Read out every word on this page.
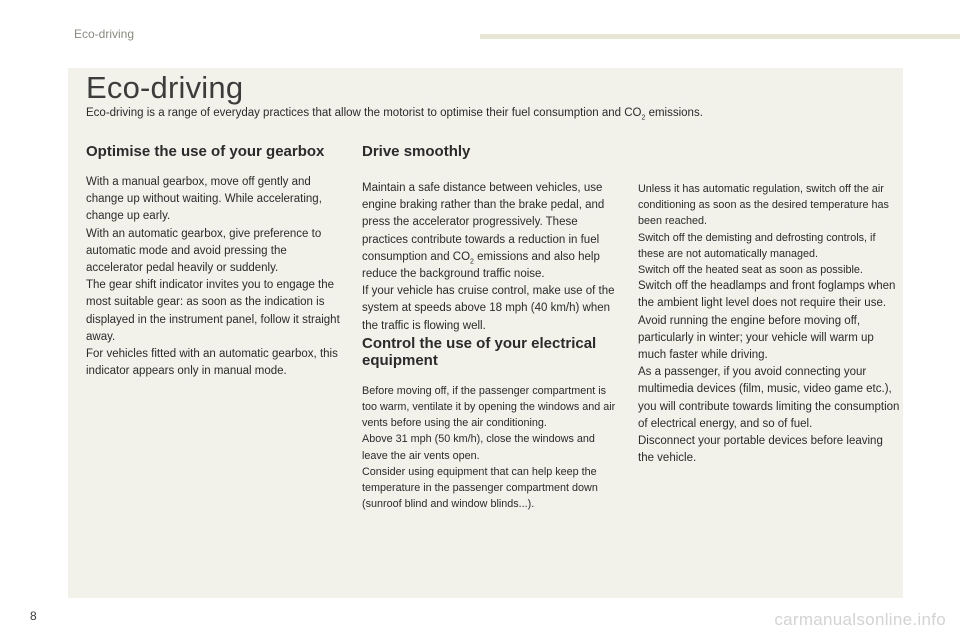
Eco-driving
Eco-driving

Eco-driving is a range of everyday practices that allow the motorist to optimise their fuel consumption and $CO_2$ emissions.

Optimise the use of your gearbox

With a manual gearbox, move off gently and change up without waiting. While accelerating, change up early.

With an automatic gearbox, give preference to automatic mode and avoid pressing the accelerator pedal heavily or suddenly.

The gear shift indicator invites you to engage the most suitable gear: as soon as the indication is displayed in the instrument panel, follow it straight away.

For vehicles fitted with an automatic gearbox, this indicator appears only in manual mode.

Drive smoothly

Maintain a safe distance between vehicles, use engine braking rather than the brake pedal, and press the accelerator progressively. These practices contribute towards a reduction in fuel consumption and $CO_2$ emissions and also help reduce the background traffic noise.

If your vehicle has cruise control, make use of the system at speeds above 18 mph (40 km/h) when the traffic is flowing well.

Control the use of your electrical equipment

Before moving off, if the passenger compartment is too warm, ventilate it by opening the windows and air vents before using the air conditioning.

Above 31 mph (50 km/h), close the windows and leave the air vents open.

Consider using equipment that can help keep the temperature in the passenger compartment down (sunroof blind and window blinds...).

Unless it has automatic regulation, switch off the air conditioning as soon as the desired temperature has been reached.

Switch off the demisting and defrosting controls, if these are not automatically managed.

Switch off the heated seat as soon as possible.

Switch off the headlamps and front foglamps when the ambient light level does not require their use.

Avoid running the engine before moving off, particularly in winter; your vehicle will warm up much faster while driving.

As a passenger, if you avoid connecting your multimedia devices (film, music, video game etc.), you will contribute towards limiting the consumption of electrical energy, and so of fuel.

Disconnect your portable devices before leaving the vehicle.

8	carmanualsonline.info
